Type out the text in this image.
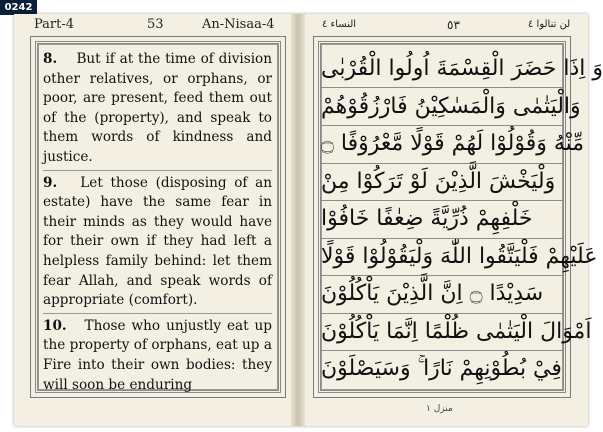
0242
Part-4	53	An-Nisaa-4

8. But if at the time of division other relatives, or orphans, or poor, are present, feed them out of the (property), and speak to them words of kindness and justice.

9. Let those (disposing of an estate) have the same fear in their minds as they would have for their own if they had left a helpless family behind: let them fear Allah, and speak words of appropriate (comfort).

10. Those who unjustly eat up the property of orphans, eat up a Fire into their own bodies: they will soon be enduring

النساء ٤	٥٣	لن تنالوا ٤
وَ اِذَا حَضَرَ الْقِسْمَةَ اُولُوا الْقُرْبٰى
وَالْيَتٰمٰى وَالْمَسٰكِيْنُ فَارْزُقُوْهُمْ
مِّنْهُ وَقُوْلُوْا لَهُمْ قَوْلًا مَّعْرُوْفًا ۝
وَلْيَخْشَ الَّذِيْنَ لَوْ تَرَكُوْا مِنْ
خَلْفِهِمْ ذُرِّيَّةً ضِعٰفًا خَافُوْا
عَلَيْهِمْ فَلْيَتَّقُوا اللّٰهَ وَلْيَقُوْلُوْا قَوْلًا
سَدِيْدًا ۝ اِنَّ الَّذِيْنَ يَاْكُلُوْنَ
اَمْوَالَ الْيَتٰمٰى ظُلْمًا اِنَّمَا يَاْكُلُوْنَ
فِيْ بُطُوْنِهِمْ نَارًا ۚ وَسَيَصْلَوْنَ
منزل ١
